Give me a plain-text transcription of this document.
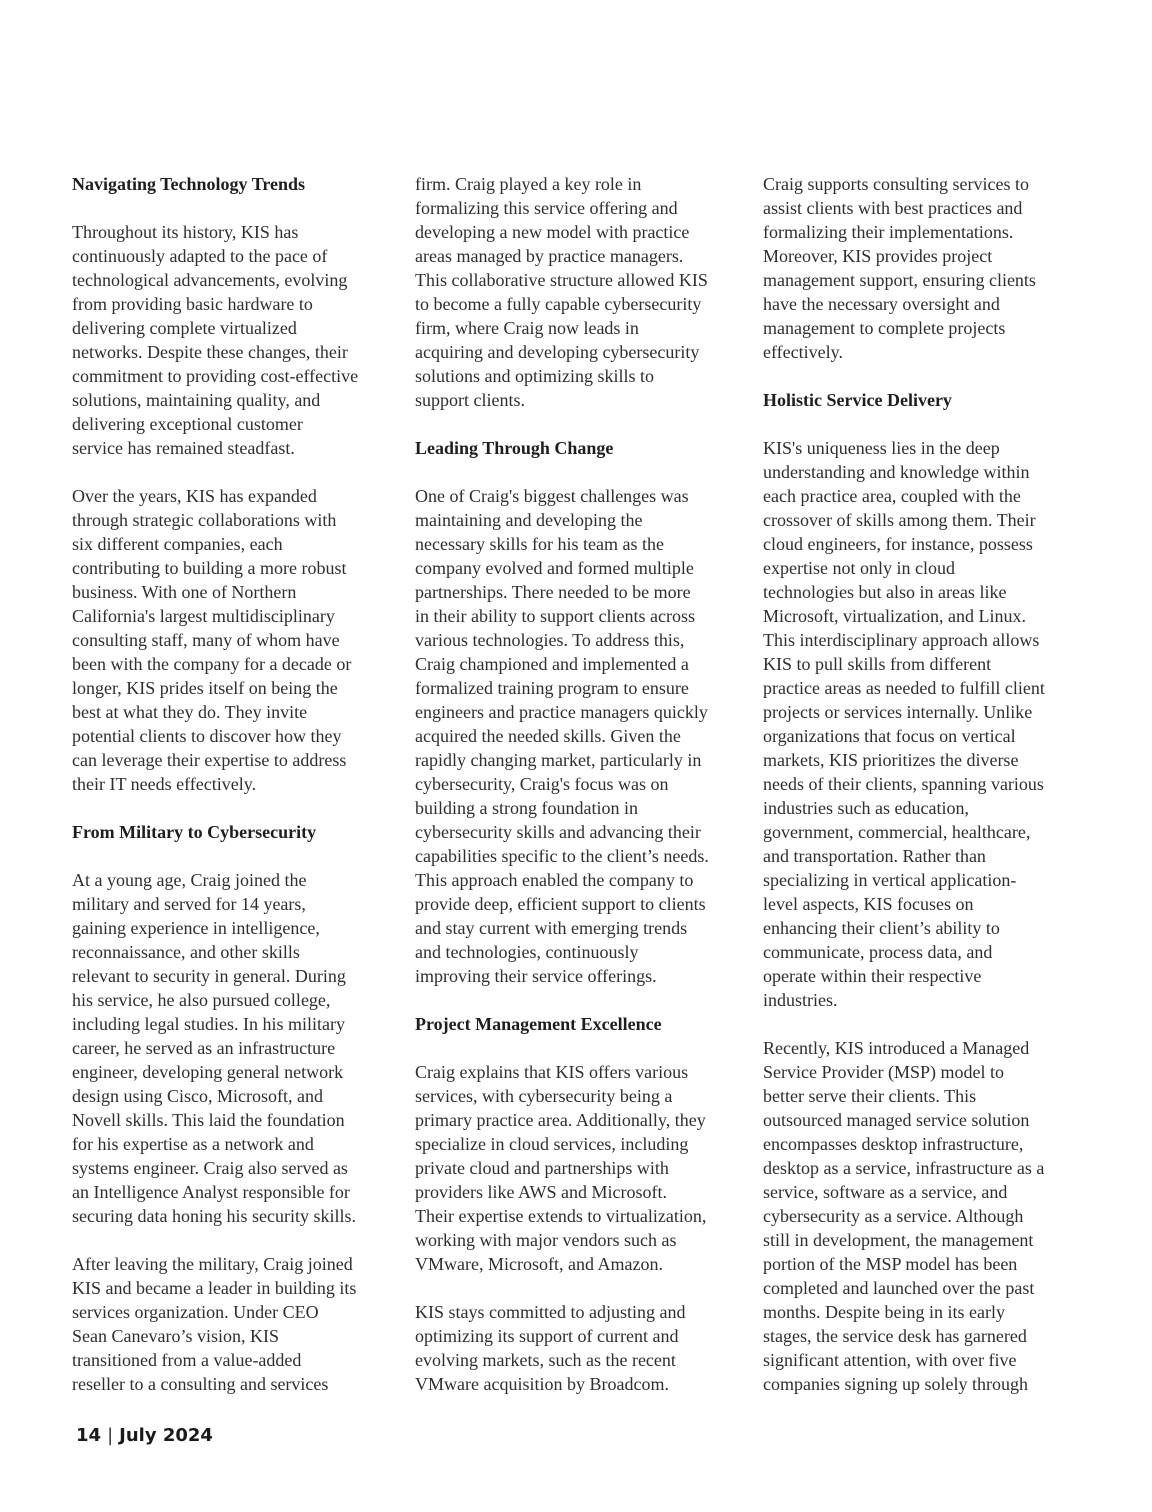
Navigating Technology Trends

Throughout its history, KIS has
continuously adapted to the pace of
technological advancements, evolving
from providing basic hardware to
delivering complete virtualized
networks. Despite these changes, their
commitment to providing cost-effective
solutions, maintaining quality, and
delivering exceptional customer
service has remained steadfast.

Over the years, KIS has expanded
through strategic collaborations with
six different companies, each
contributing to building a more robust
business. With one of Northern
California's largest multidisciplinary
consulting staff, many of whom have
been with the company for a decade or
longer, KIS prides itself on being the
best at what they do. They invite
potential clients to discover how they
can leverage their expertise to address
their IT needs effectively.

From Military to Cybersecurity

At a young age, Craig joined the
military and served for 14 years,
gaining experience in intelligence,
reconnaissance, and other skills
relevant to security in general. During
his service, he also pursued college,
including legal studies. In his military
career, he served as an infrastructure
engineer, developing general network
design using Cisco, Microsoft, and
Novell skills. This laid the foundation
for his expertise as a network and
systems engineer. Craig also served as
an Intelligence Analyst responsible for
securing data honing his security skills.

After leaving the military, Craig joined
KIS and became a leader in building its
services organization. Under CEO
Sean Canevaro’s vision, KIS
transitioned from a value-added
reseller to a consulting and services

firm. Craig played a key role in
formalizing this service offering and
developing a new model with practice
areas managed by practice managers.
This collaborative structure allowed KIS
to become a fully capable cybersecurity
firm, where Craig now leads in
acquiring and developing cybersecurity
solutions and optimizing skills to
support clients.

Leading Through Change

One of Craig's biggest challenges was
maintaining and developing the
necessary skills for his team as the
company evolved and formed multiple
partnerships. There needed to be more
in their ability to support clients across
various technologies. To address this,
Craig championed and implemented a
formalized training program to ensure
engineers and practice managers quickly
acquired the needed skills. Given the
rapidly changing market, particularly in
cybersecurity, Craig's focus was on
building a strong foundation in
cybersecurity skills and advancing their
capabilities specific to the client’s needs.
This approach enabled the company to
provide deep, efficient support to clients
and stay current with emerging trends
and technologies, continuously
improving their service offerings.

Project Management Excellence

Craig explains that KIS offers various
services, with cybersecurity being a
primary practice area. Additionally, they
specialize in cloud services, including
private cloud and partnerships with
providers like AWS and Microsoft.
Their expertise extends to virtualization,
working with major vendors such as
VMware, Microsoft, and Amazon.

KIS stays committed to adjusting and
optimizing its support of current and
evolving markets, such as the recent
VMware acquisition by Broadcom.

Craig supports consulting services to
assist clients with best practices and
formalizing their implementations.
Moreover, KIS provides project
management support, ensuring clients
have the necessary oversight and
management to complete projects
effectively.

Holistic Service Delivery

KIS's uniqueness lies in the deep
understanding and knowledge within
each practice area, coupled with the
crossover of skills among them. Their
cloud engineers, for instance, possess
expertise not only in cloud
technologies but also in areas like
Microsoft, virtualization, and Linux.
This interdisciplinary approach allows
KIS to pull skills from different
practice areas as needed to fulfill client
projects or services internally. Unlike
organizations that focus on vertical
markets, KIS prioritizes the diverse
needs of their clients, spanning various
industries such as education,
government, commercial, healthcare,
and transportation. Rather than
specializing in vertical application-
level aspects, KIS focuses on
enhancing their client’s ability to
communicate, process data, and
operate within their respective
industries.

Recently, KIS introduced a Managed
Service Provider (MSP) model to
better serve their clients. This
outsourced managed service solution
encompasses desktop infrastructure,
desktop as a service, infrastructure as a
service, software as a service, and
cybersecurity as a service. Although
still in development, the management
portion of the MSP model has been
completed and launched over the past
months. Despite being in its early
stages, the service desk has garnered
significant attention, with over five
companies signing up solely through

14 | July 2024
